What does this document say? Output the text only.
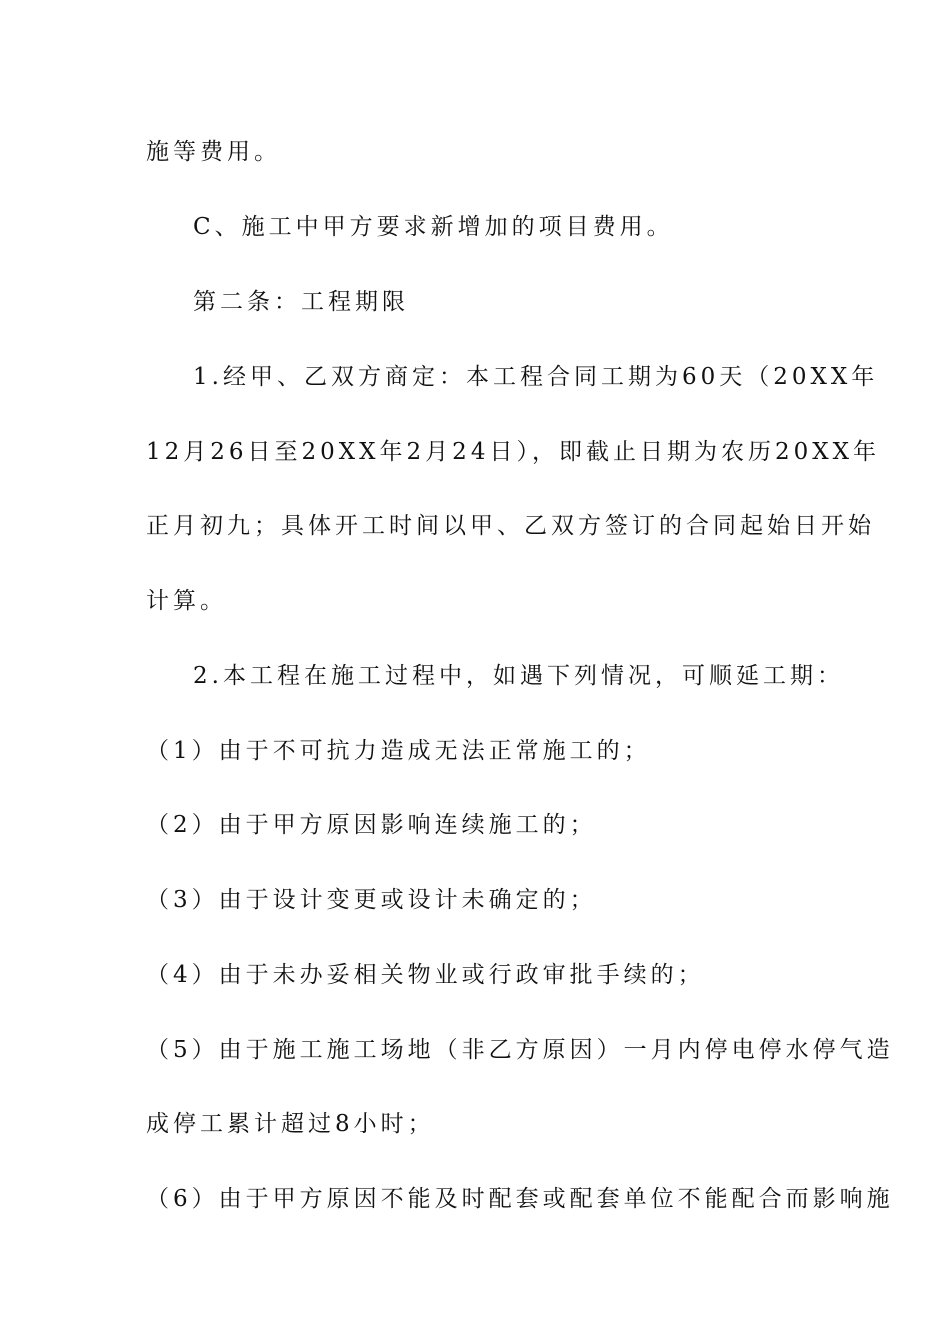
施等费用。
C、施工中甲方要求新增加的项目费用。
第二条：工程期限
1.经甲、乙双方商定：本工程合同工期为60天（20XX年
12月26日至20XX年2月24日），即截止日期为农历20XX年
正月初九；具体开工时间以甲、乙双方签订的合同起始日开始
计算。
2.本工程在施工过程中，如遇下列情况，可顺延工期：
（1）由于不可抗力造成无法正常施工的；
（2）由于甲方原因影响连续施工的；
（3）由于设计变更或设计未确定的；
（4）由于未办妥相关物业或行政审批手续的；
（5）由于施工施工场地（非乙方原因）一月内停电停水停气造
成停工累计超过8小时；
（6）由于甲方原因不能及时配套或配套单位不能配合而影响施
